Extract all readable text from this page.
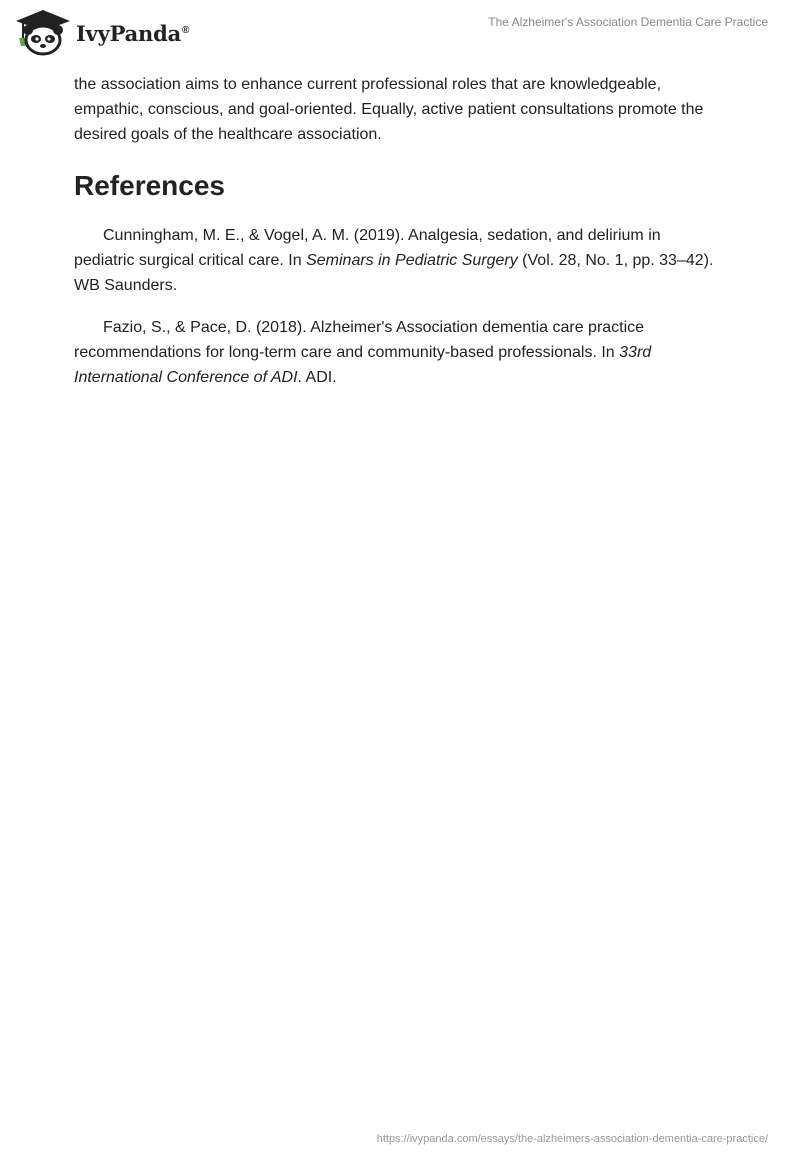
IvyPanda®
The Alzheimer's Association Dementia Care Practice

the association aims to enhance current professional roles that are knowledgeable, empathic, conscious, and goal-oriented. Equally, active patient consultations promote the desired goals of the healthcare association.

References

Cunningham, M. E., & Vogel, A. M. (2019). Analgesia, sedation, and delirium in pediatric surgical critical care. In Seminars in Pediatric Surgery (Vol. 28, No. 1, pp. 33–42). WB Saunders.

Fazio, S., & Pace, D. (2018). Alzheimer's Association dementia care practice recommendations for long-term care and community-based professionals. In 33rd International Conference of ADI. ADI.

https://ivypanda.com/essays/the-alzheimers-association-dementia-care-practice/
